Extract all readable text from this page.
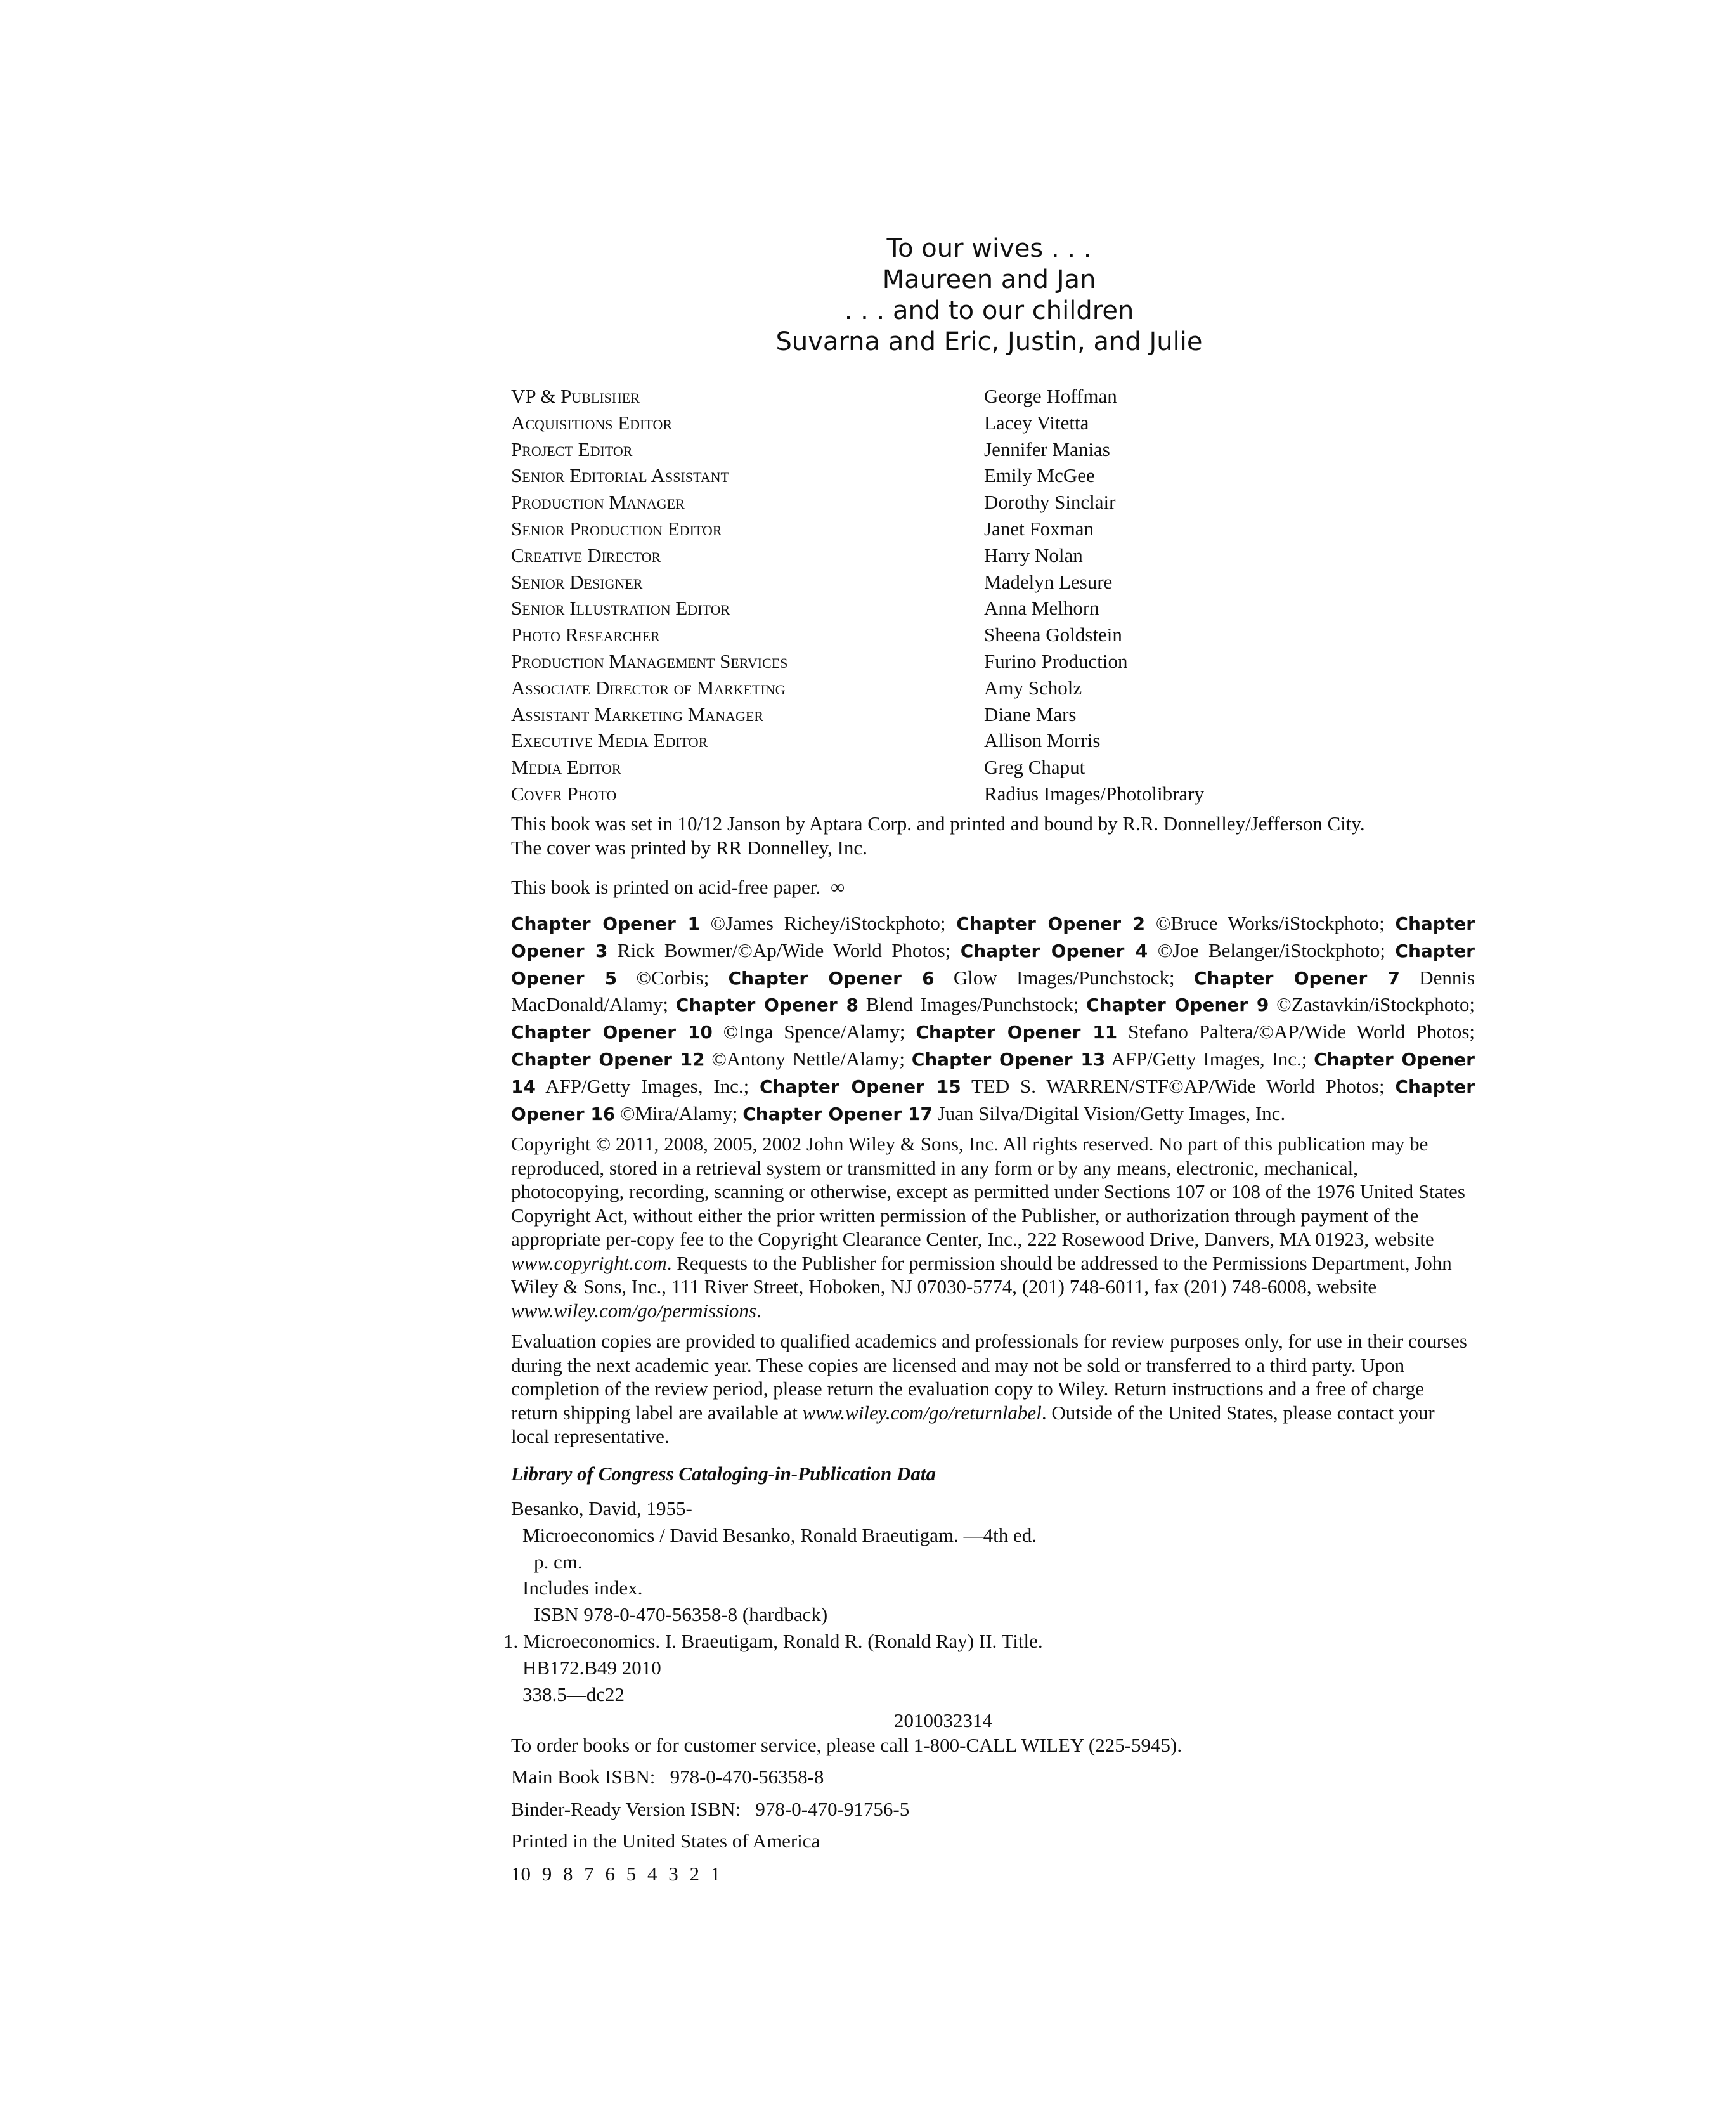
To our wives . . .
Maureen and Jan
. . . and to our children
Suvarna and Eric, Justin, and Julie
VP & Publisher	George Hoffman
Acquisitions Editor	Lacey Vitetta
Project Editor	Jennifer Manias
Senior Editorial Assistant	Emily McGee
Production Manager	Dorothy Sinclair
Senior Production Editor	Janet Foxman
Creative Director	Harry Nolan
Senior Designer	Madelyn Lesure
Senior Illustration Editor	Anna Melhorn
Photo Researcher	Sheena Goldstein
Production Management Services	Furino Production
Associate Director of Marketing	Amy Scholz
Assistant Marketing Manager	Diane Mars
Executive Media Editor	Allison Morris
Media Editor	Greg Chaput
Cover Photo	Radius Images/Photolibrary
This book was set in 10/12 Janson by Aptara Corp. and printed and bound by R.R. Donnelley/Jefferson City.
The cover was printed by RR Donnelley, Inc.
This book is printed on acid-free paper. ∞
Chapter Opener 1 ©James Richey/iStockphoto; Chapter Opener 2 ©Bruce Works/iStockphoto; Chapter Opener 3 Rick Bowmer/©Ap/Wide World Photos; Chapter Opener 4 ©Joe Belanger/iStockphoto; Chapter Opener 5 ©Corbis; Chapter Opener 6 Glow Images/Punchstock; Chapter Opener 7 Dennis MacDonald/Alamy; Chapter Opener 8 Blend Images/Punchstock; Chapter Opener 9 ©Zastavkin/iStockphoto; Chapter Opener 10 ©Inga Spence/Alamy; Chapter Opener 11 Stefano Paltera/©AP/Wide World Photos; Chapter Opener 12 ©Antony Nettle/Alamy; Chapter Opener 13 AFP/Getty Images, Inc.; Chapter Opener 14 AFP/Getty Images, Inc.; Chapter Opener 15 TED S. WARREN/STF©AP/Wide World Photos; Chapter Opener 16 ©Mira/Alamy; Chapter Opener 17 Juan Silva/Digital Vision/Getty Images, Inc.
Copyright © 2011, 2008, 2005, 2002 John Wiley & Sons, Inc. All rights reserved. No part of this publication may be reproduced, stored in a retrieval system or transmitted in any form or by any means, electronic, mechanical, photocopying, recording, scanning or otherwise, except as permitted under Sections 107 or 108 of the 1976 United States Copyright Act, without either the prior written permission of the Publisher, or authorization through payment of the appropriate per-copy fee to the Copyright Clearance Center, Inc., 222 Rosewood Drive, Danvers, MA 01923, website www.copyright.com. Requests to the Publisher for permission should be addressed to the Permissions Department, John Wiley & Sons, Inc., 111 River Street, Hoboken, NJ 07030-5774, (201) 748-6011, fax (201) 748-6008, website www.wiley.com/go/permissions.
Evaluation copies are provided to qualified academics and professionals for review purposes only, for use in their courses during the next academic year. These copies are licensed and may not be sold or transferred to a third party. Upon completion of the review period, please return the evaluation copy to Wiley. Return instructions and a free of charge return shipping label are available at www.wiley.com/go/returnlabel. Outside of the United States, please contact your local representative.
Library of Congress Cataloging-in-Publication Data
Besanko, David, 1955-
Microeconomics / David Besanko, Ronald Braeutigam. —4th ed.
p. cm.
Includes index.
ISBN 978-0-470-56358-8 (hardback)
1. Microeconomics. I. Braeutigam, Ronald R. (Ronald Ray) II. Title.
HB172.B49 2010
338.5—dc22
2010032314
To order books or for customer service, please call 1-800-CALL WILEY (225-5945).
Main Book ISBN: 978-0-470-56358-8
Binder-Ready Version ISBN: 978-0-470-91756-5
Printed in the United States of America
10 9 8 7 6 5 4 3 2 1
